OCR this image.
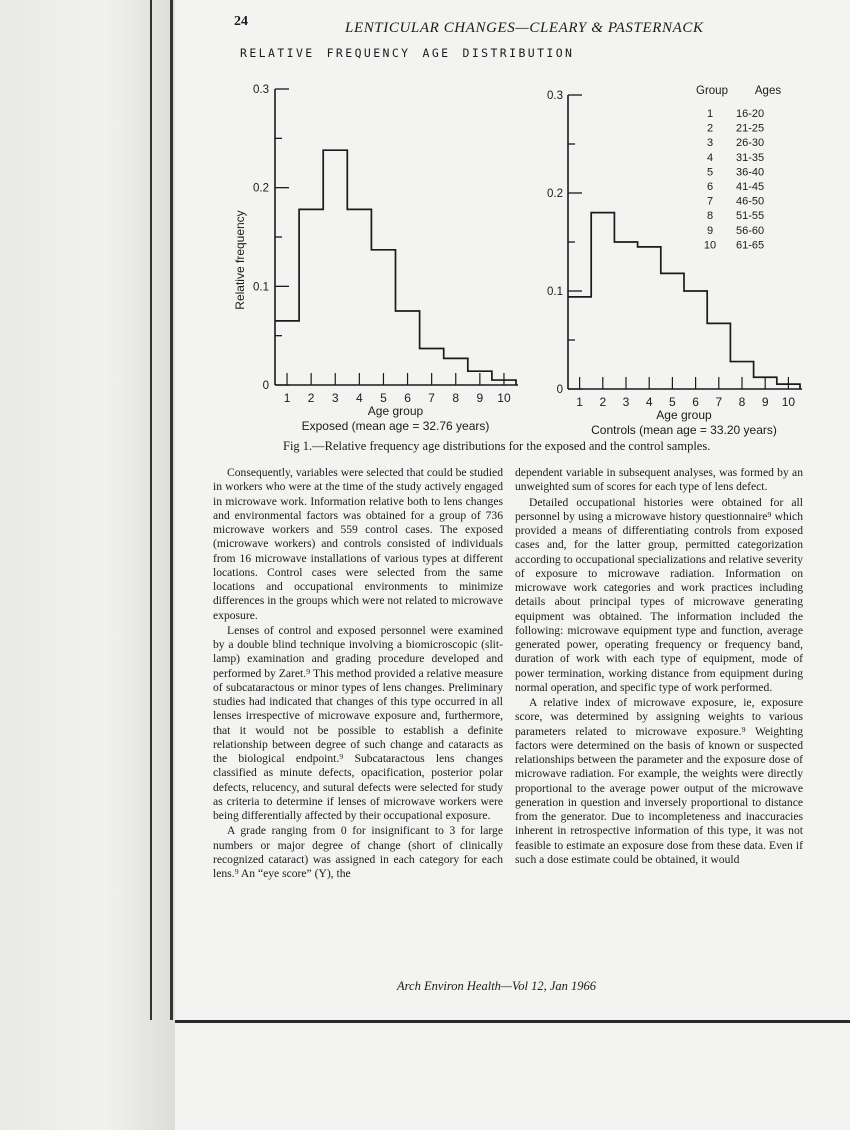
24	LENTICULAR CHANGES—CLEARY & PASTERNACK
RELATIVE FREQUENCY AGE DISTRIBUTION
0
0.1
0.2
0.3
1 2 3 4 5 6 7 8 9 10
Age group
Exposed (mean age = 32.76 years)
Relative frequency
0
0.1
0.2
0.3
1 2 3 4 5 6 7 8 9 10
Age group
Controls (mean age = 33.20 years)
Group Ages
1 16-20
2 21-25
3 26-30
4 31-35
5 36-40
6 41-45
7 46-50
8 51-55
9 56-60
10 61-65
Fig 1.—Relative frequency age distributions for the exposed and the control samples.

Consequently, variables were selected that could be studied in workers who were at the time of the study actively engaged in microwave work. Information relative both to lens changes and environmental factors was obtained for a group of 736 microwave workers and 559 control cases. The exposed (microwave workers) and controls consisted of individuals from 16 microwave installations of various types at different locations. Control cases were selected from the same locations and occupational environments to minimize differences in the groups which were not related to microwave exposure.

Lenses of control and exposed personnel were examined by a double blind technique involving a biomicroscopic (slit-lamp) examination and grading procedure developed and performed by Zaret.⁹ This method provided a relative measure of subcataractous or minor types of lens changes. Preliminary studies had indicated that changes of this type occurred in all lenses irrespective of microwave exposure and, furthermore, that it would not be possible to establish a definite relationship between degree of such change and cataracts as the biological endpoint.⁹ Subcataractous lens changes classified as minute defects, opacification, posterior polar defects, relucency, and sutural defects were selected for study as criteria to determine if lenses of microwave workers were being differentially affected by their occupational exposure.

A grade ranging from 0 for insignificant to 3 for large numbers or major degree of change (short of clinically recognized cataract) was assigned in each category for each lens.⁹ An “eye score” (Y), the

dependent variable in subsequent analyses, was formed by an unweighted sum of scores for each type of lens defect.

Detailed occupational histories were obtained for all personnel by using a microwave history questionnaire⁹ which provided a means of differentiating controls from exposed cases and, for the latter group, permitted categorization according to occupational specializations and relative severity of exposure to microwave radiation. Information on microwave work categories and work practices including details about principal types of microwave generating equipment was obtained. The information included the following: microwave equipment type and function, average generated power, operating frequency or frequency band, duration of work with each type of equipment, mode of power termination, working distance from equipment during normal operation, and specific type of work performed.

A relative index of microwave exposure, ie, exposure score, was determined by assigning weights to various parameters related to microwave exposure.⁹ Weighting factors were determined on the basis of known or suspected relationships between the parameter and the exposure dose of microwave radiation. For example, the weights were directly proportional to the average power output of the microwave generation in question and inversely proportional to distance from the generator. Due to incompleteness and inaccuracies inherent in retrospective information of this type, it was not feasible to estimate an exposure dose from these data. Even if such a dose estimate could be obtained, it would

Arch Environ Health—Vol 12, Jan 1966
